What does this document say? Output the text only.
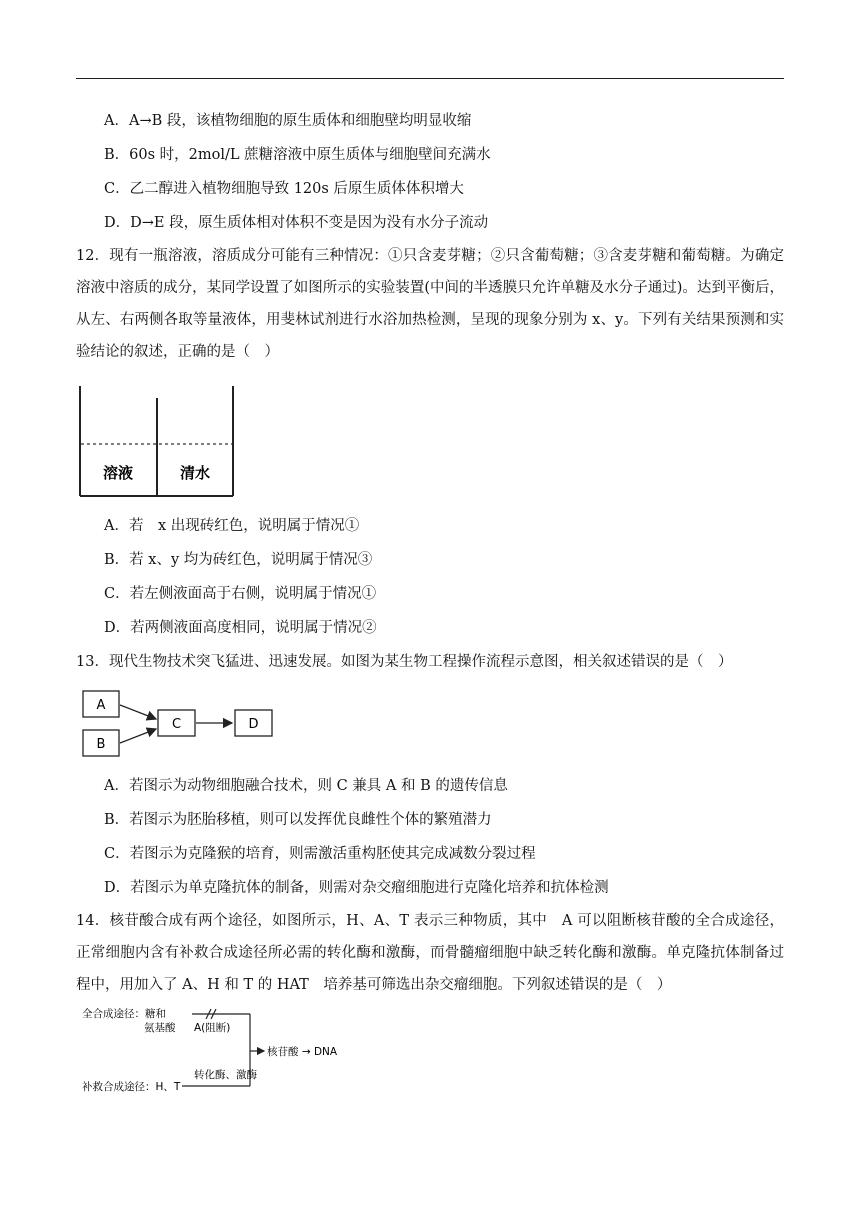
A．A→B 段，该植物细胞的原生质体和细胞壁均明显收缩
B．60s 时，2mol/L 蔗糖溶液中原生质体与细胞壁间充满水
C．乙二醇进入植物细胞导致 120s 后原生质体体积增大
D．D→E 段，原生质体相对体积不变是因为没有水分子流动
12．现有一瓶溶液，溶质成分可能有三种情况：①只含麦芽糖；②只含葡萄糖；③含麦芽糖和葡萄糖。为确定溶液中溶质的成分，某同学设置了如图所示的实验装置(中间的半透膜只允许单糖及水分子通过)。达到平衡后，从左、右两侧各取等量液体，用斐林试剂进行水浴加热检测，呈现的现象分别为 x、y。下列有关结果预测和实验结论的叙述，正确的是（　）
溶液	清水
A．若　x 出现砖红色，说明属于情况①
B．若 x、y 均为砖红色，说明属于情况③
C．若左侧液面高于右侧，说明属于情况①
D．若两侧液面高度相同，说明属于情况②
13．现代生物技术突飞猛进、迅速发展。如图为某生物工程操作流程示意图，相关叙述错误的是（　）
A
B
C	D
A．若图示为动物细胞融合技术，则 C 兼具 A 和 B 的遗传信息
B．若图示为胚胎移植，则可以发挥优良雌性个体的繁殖潜力
C．若图示为克隆猴的培育，则需激活重构胚使其完成减数分裂过程
D．若图示为单克隆抗体的制备，则需对杂交瘤细胞进行克隆化培养和抗体检测
14．核苷酸合成有两个途径，如图所示，H、A、T 表示三种物质，其中　A 可以阻断核苷酸的全合成途径，正常细胞内含有补救合成途径所必需的转化酶和激酶，而骨髓瘤细胞中缺乏转化酶和激酶。单克隆抗体制备过程中，用加入了 A、H 和 T 的 HAT　培养基可筛选出杂交瘤细胞。下列叙述错误的是（　）
全合成途径：糖和
氨基酸 A(阻断)
核苷酸 → DNA
补救合成途径：H、T
转化酶、激酶
